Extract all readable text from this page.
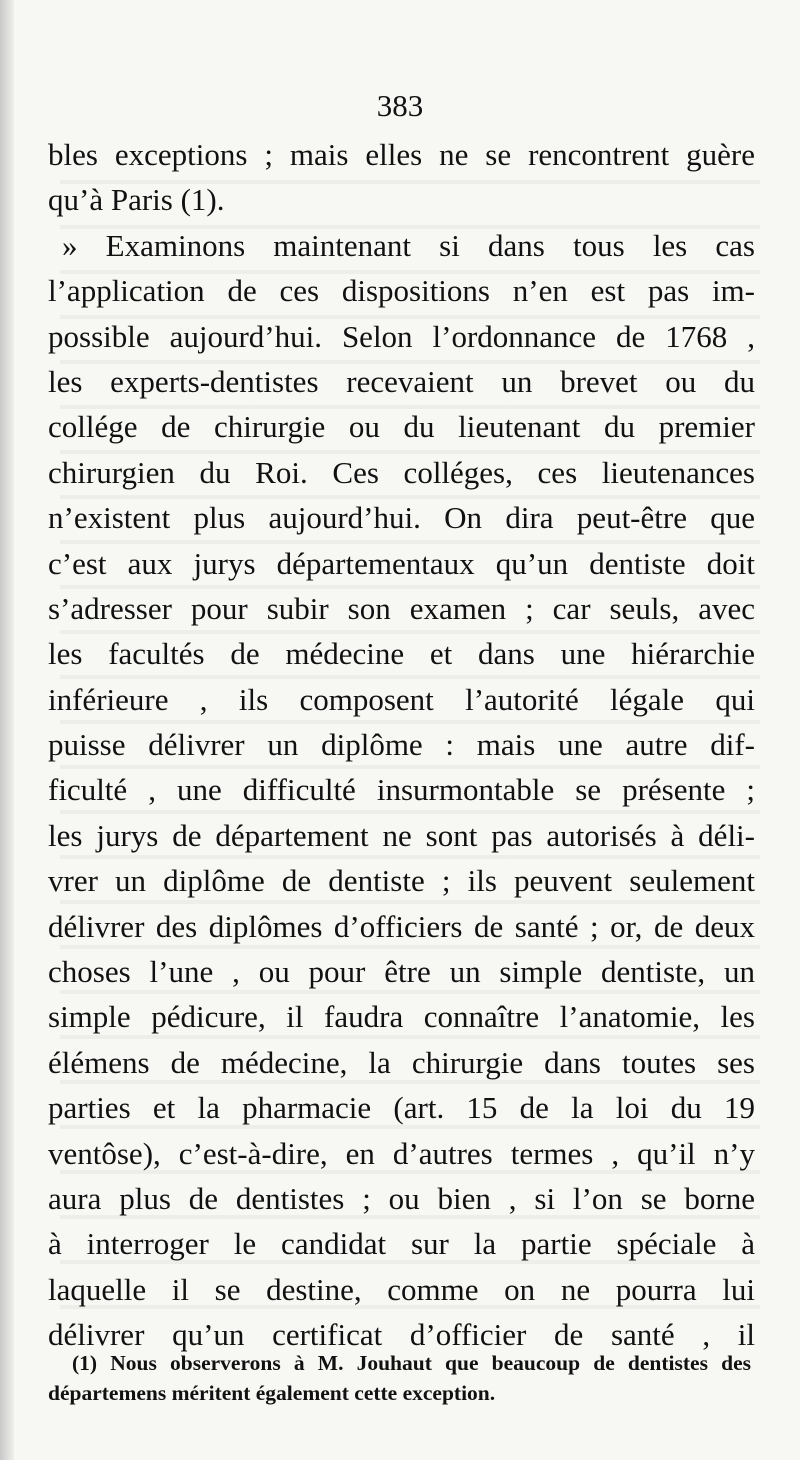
383
bles exceptions ; mais elles ne se rencontrent guère
qu’à Paris (1).
» Examinons maintenant si dans tous les cas
l’application de ces dispositions n’en est pas im-
possible aujourd’hui. Selon l’ordonnance de 1768 ,
les experts-dentistes recevaient un brevet ou du
collége de chirurgie ou du lieutenant du premier
chirurgien du Roi. Ces colléges, ces lieutenances
n’existent plus aujourd’hui. On dira peut-être que
c’est aux jurys départementaux qu’un dentiste doit
s’adresser pour subir son examen ; car seuls, avec
les facultés de médecine et dans une hiérarchie
inférieure , ils composent l’autorité légale qui
puisse délivrer un diplôme : mais une autre dif-
ficulté , une difficulté insurmontable se présente ;
les jurys de département ne sont pas autorisés à déli-
vrer un diplôme de dentiste ; ils peuvent seulement
délivrer des diplômes d’officiers de santé ; or, de deux
choses l’une , ou pour être un simple dentiste, un
simple pédicure, il faudra connaître l’anatomie, les
élémens de médecine, la chirurgie dans toutes ses
parties et la pharmacie (art. 15 de la loi du 19
ventôse), c’est-à-dire, en d’autres termes , qu’il n’y
aura plus de dentistes ; ou bien , si l’on se borne
à interroger le candidat sur la partie spéciale à
laquelle il se destine, comme on ne pourra lui
délivrer qu’un certificat d’officier de santé , il
(1) Nous observerons à M. Jouhaut que beaucoup de dentistes des
départemens méritent également cette exception.
